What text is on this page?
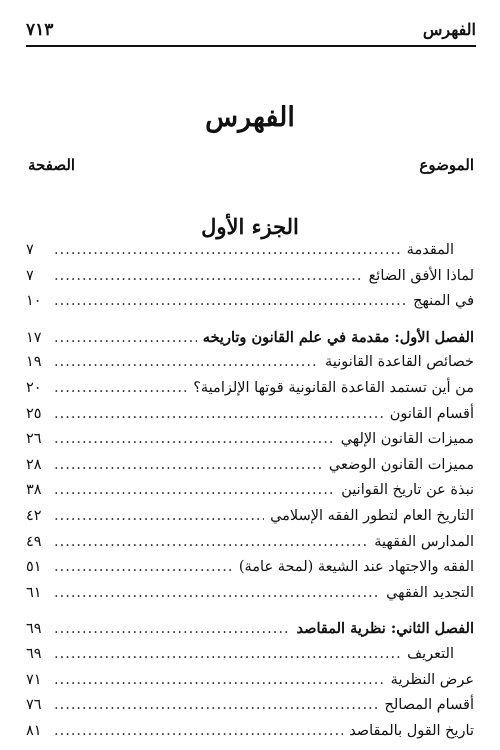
الفهرس
٧١٣
الفهرس
الموضوع
الصفحة
الجزء الأول
المقدمة
.....
٧
لماذا الأفق الضائع
.....
٧
في المنهج
.....
١٠
الفصل الأول: مقدمة في علم القانون وتاريخه
.....
١٧
خصائص القاعدة القانونية
.....
١٩
من أين تستمد القاعدة القانونية قوتها الإلزامية؟
.....
٢٠
أقسام القانون
.....
٢٥
مميزات القانون الإلهي
.....
٢٦
مميزات القانون الوضعي
.....
٢٨
نبذة عن تاريخ القوانين
.....
٣٨
التاريخ العام لتطور الفقه الإسلامي
.....
٤٢
المدارس الفقهية
.....
٤٩
الفقه والاجتهاد عند الشيعة (لمحة عامة)
.....
٥١
التجديد الفقهي
.....
٦١
الفصل الثاني: نظرية المقاصد
.....
٦٩
التعريف
.....
٦٩
عرض النظرية
.....
٧١
أقسام المصالح
.....
٧٦
تاريخ القول بالمقاصد
.....
٨١
